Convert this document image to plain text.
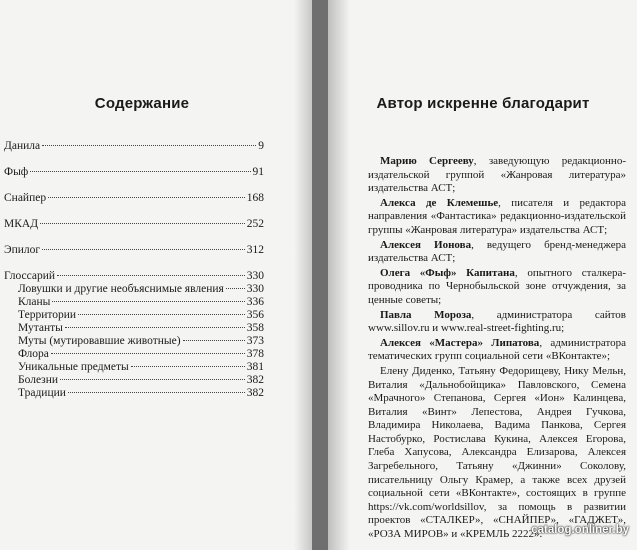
Содержание
Данила	9
Фыф	91
Снайпер	168
МКАД	252
Эпилог	312
Глоссарий	330
Ловушки и другие необъяснимые явления 330
Кланы	336
Территории	356
Мутанты	358
Муты (мутировавшие животные)	373
Флора	378
Уникальные предметы	381
Болезни	382
Традиции	382
Автор искренне благодарит

Марию Сергееву, заведующую редакционно-издательской группой «Жанровая литература» издательства АСТ;

Алекса де Клемешье, писателя и редактора направления «Фантастика» редакционно-издательской группы «Жанровая литература» издательства АСТ;

Алексея Ионова, ведущего бренд-менеджера издательства АСТ;

Олега «Фыф» Капитана, опытного сталкера-проводника по Чернобыльской зоне отчуждения, за ценные советы;

Павла Мороза, администратора сайтов www.sillov.ru и www.real-street-fighting.ru;

Алексея «Мастера» Липатова, администратора тематических групп социальной сети «ВКонтакте»;

Елену Диденко, Татьяну Федорищеву, Нику Мельн, Виталия «Дальнобойщика» Павловского, Семена «Мрачного» Степанова, Сергея «Ион» Калинцева, Виталия «Винт» Лепестова, Андрея Гучкова, Владимира Николаева, Вадима Панкова, Сергея Настобурко, Ростислава Кукина, Алексея Егорова, Глеба Хапусова, Александра Елизарова, Алексея Загребельного, Татьяну «Джинни» Соколову, писательницу Ольгу Крамер, а также всех друзей социальной сети «ВКонтакте», состоящих в группе https://vk.com/worldsillov, за помощь в развитии проектов «СТАЛКЕР», «СНАЙПЕР», «ГАДЖЕТ», «РОЗА МИРОВ» и «КРЕМЛЬ 2222».

catalog.onliner.by
